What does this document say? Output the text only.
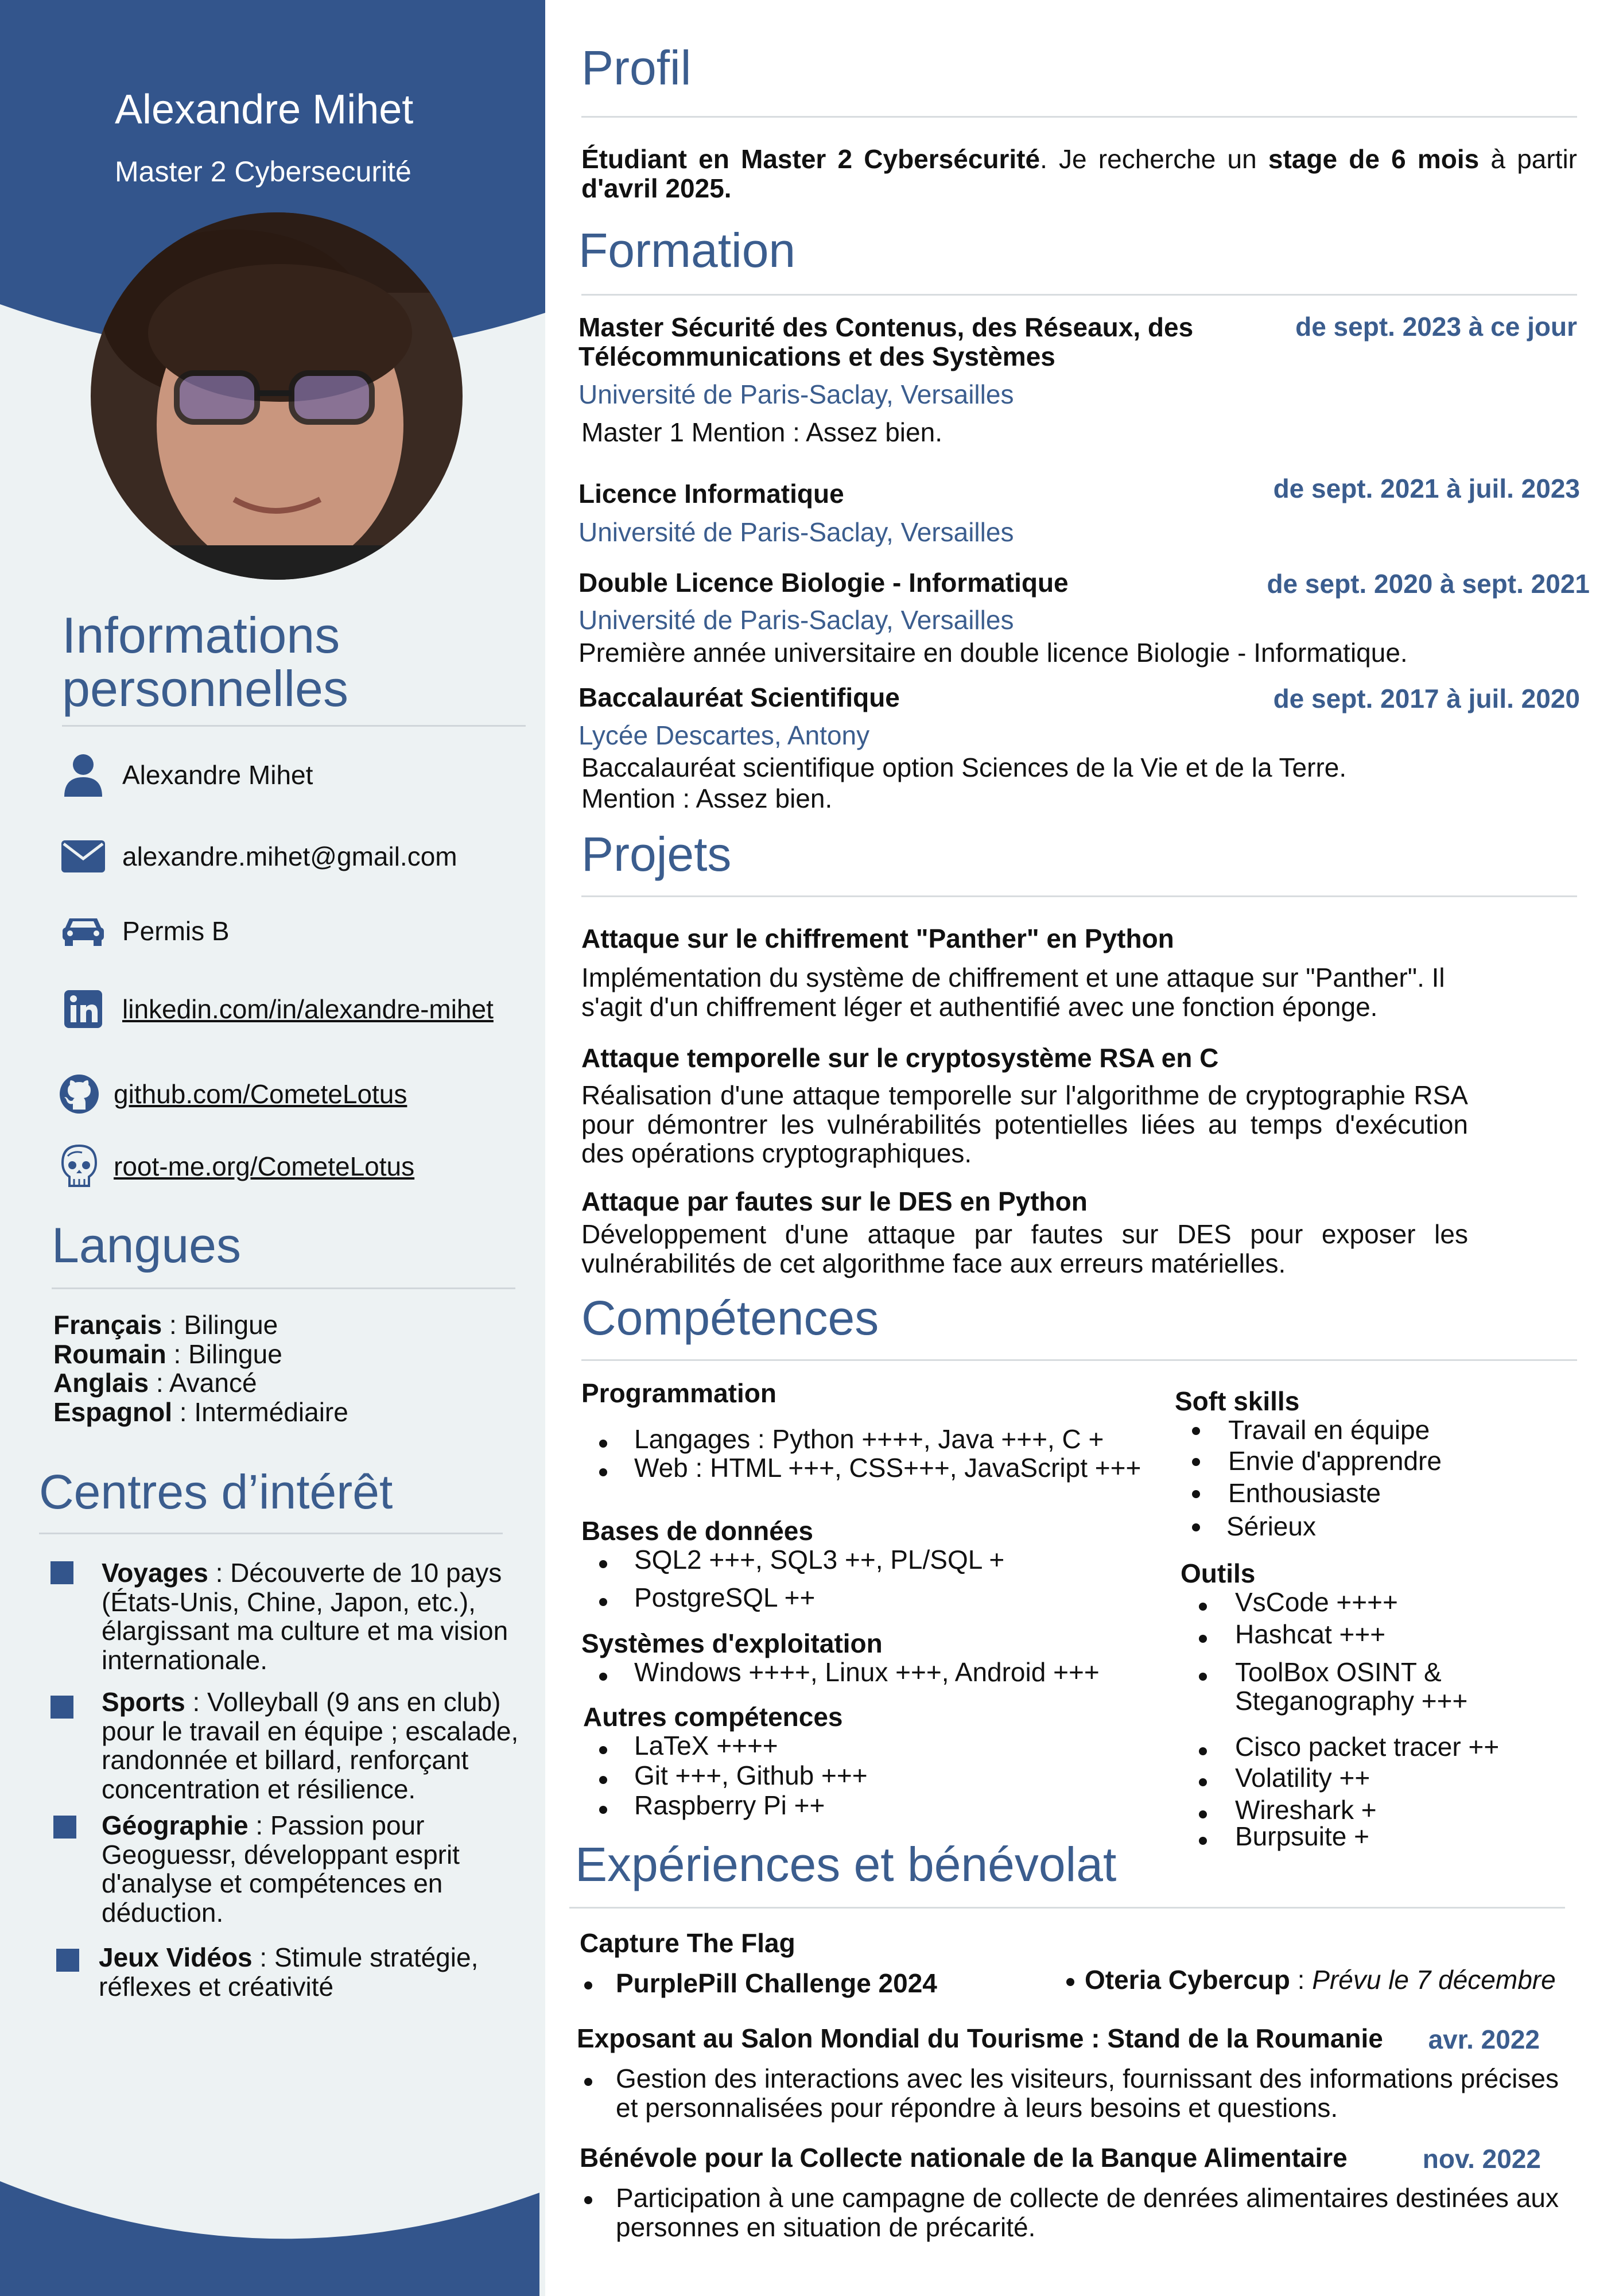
Alexandre Mihet
Master 2 Cybersecurité
Informations
personnelles
Alexandre Mihet
alexandre.mihet@gmail.com
Permis B
linkedin.com/in/alexandre-mihet
github.com/CometeLotus
root-me.org/CometeLotus
Langues
Français : Bilingue
Roumain : Bilingue
Anglais : Avancé
Espagnol : Intermédiaire
Centres d’intérêt
Voyages : Découverte de 10 pays (États-Unis, Chine, Japon, etc.), élargissant ma culture et ma vision internationale.
Sports : Volleyball (9 ans en club) pour le travail en équipe ; escalade, randonnée et billard, renforçant concentration et résilience.
Géographie : Passion pour Geoguessr, développant esprit d'analyse et compétences en déduction.
Jeux Vidéos : Stimule stratégie, réflexes et créativité
Profil
Étudiant en Master 2 Cybersécurité. Je recherche un stage de 6 mois à partir d'avril 2025.
Formation
Master Sécurité des Contenus, des Réseaux, des Télécommunications et des Systèmes
de sept. 2023 à ce jour
Université de Paris-Saclay, Versailles
Master 1 Mention : Assez bien.
Licence Informatique	de sept. 2021 à juil. 2023
Université de Paris-Saclay, Versailles
Double Licence Biologie - Informatique	de sept. 2020 à sept. 2021
Université de Paris-Saclay, Versailles
Première année universitaire en double licence Biologie - Informatique.
Baccalauréat Scientifique	de sept. 2017 à juil. 2020
Lycée Descartes, Antony
Baccalauréat scientifique option Sciences de la Vie et de la Terre.
Mention : Assez bien.
Projets
Attaque sur le chiffrement "Panther" en Python
Implémentation du système de chiffrement et une attaque sur "Panther". Il s'agit d'un chiffrement léger et authentifié avec une fonction éponge.
Attaque temporelle sur le cryptosystème RSA en C
Réalisation d'une attaque temporelle sur l'algorithme de cryptographie RSA pour démontrer les vulnérabilités potentielles liées au temps d'exécution des opérations cryptographiques.
Attaque par fautes sur le DES en Python
Développement d'une attaque par fautes sur DES pour exposer les vulnérabilités de cet algorithme face aux erreurs matérielles.
Compétences
Programmation
Langages : Python ++++, Java +++, C +
Web : HTML +++, CSS+++, JavaScript +++
Bases de données
SQL2 +++, SQL3 ++, PL/SQL +
PostgreSQL ++
Systèmes d'exploitation
Windows ++++, Linux +++, Android +++
Autres compétences
LaTeX ++++
Git +++, Github +++
Raspberry Pi ++
Soft skills
Travail en équipe
Envie d'apprendre
Enthousiaste
Sérieux
Outils
VsCode ++++
Hashcat +++
ToolBox OSINT &
Steganography +++
Cisco packet tracer ++
Volatility ++
Wireshark +
Burpsuite +
Expériences et bénévolat
Capture The Flag
PurplePill Challenge 2024	Oteria Cybercup : Prévu le 7 décembre
Exposant au Salon Mondial du Tourisme : Stand de la Roumanie avr. 2022
Gestion des interactions avec les visiteurs, fournissant des informations précises et personnalisées pour répondre à leurs besoins et questions.
Bénévole pour la Collecte nationale de la Banque Alimentaire	nov. 2022
Participation à une campagne de collecte de denrées alimentaires destinées aux personnes en situation de précarité.
